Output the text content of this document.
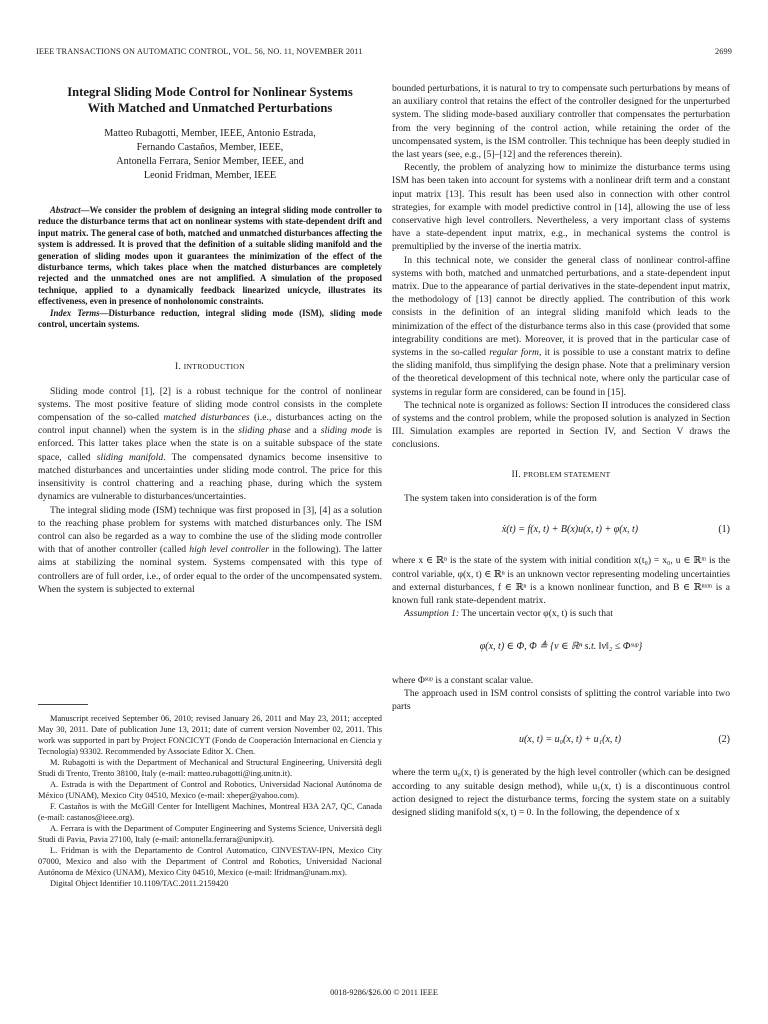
IEEE TRANSACTIONS ON AUTOMATIC CONTROL, VOL. 56, NO. 11, NOVEMBER 2011	2699
Integral Sliding Mode Control for Nonlinear Systems
With Matched and Unmatched Perturbations
Matteo Rubagotti, Member, IEEE, Antonio Estrada,
Fernando Castaños, Member, IEEE,
Antonella Ferrara, Senior Member, IEEE, and
Leonid Fridman, Member, IEEE

Abstract—We consider the problem of designing an integral sliding mode controller to reduce the disturbance terms that act on nonlinear systems with state-dependent drift and input matrix. The general case of both, matched and unmatched disturbances affecting the system is addressed. It is proved that the definition of a suitable sliding manifold and the generation of sliding modes upon it guarantees the minimization of the effect of the disturbance terms, which takes place when the matched disturbances are completely rejected and the unmatched ones are not amplified. A simulation of the proposed technique, applied to a dynamically feedback linearized unicycle, illustrates its effectiveness, even in presence of nonholonomic constraints.

Index Terms—Disturbance reduction, integral sliding mode (ISM), sliding mode control, uncertain systems.

I. INTRODUCTION

Sliding mode control [1], [2] is a robust technique for the control of nonlinear systems. The most positive feature of sliding mode control consists in the complete compensation of the so-called matched disturbances (i.e., disturbances acting on the control input channel) when the system is in the sliding phase and a sliding mode is enforced. This latter takes place when the state is on a suitable subspace of the state space, called sliding manifold. The compensated dynamics become insensitive to matched disturbances and uncertainties under sliding mode control. The price for this insensitivity is control chattering and a reaching phase, during which the system dynamics are vulnerable to disturbances/uncertainties.

The integral sliding mode (ISM) technique was first proposed in [3], [4] as a solution to the reaching phase problem for systems with matched disturbances only. The ISM control can also be regarded as a way to combine the use of the sliding mode controller with that of another controller (called high level controller in the following). The latter aims at stabilizing the nominal system. Systems compensated with this type of controllers are of full order, i.e., of order equal to the order of the uncompensated system. When the system is subjected to external

Manuscript received September 06, 2010; revised January 26, 2011 and May 23, 2011; accepted May 30, 2011. Date of publication June 13, 2011; date of current version November 02, 2011. This work was supported in part by Project FONCICYT (Fondo de Cooperación Internacional en Ciencia y Tecnología) 93302. Recommended by Associate Editor X. Chen.

M. Rubagotti is with the Department of Mechanical and Structural Engineering, Università degli Studi di Trento, Trento 38100, Italy (e-mail: matteo.rubagotti@ing.unitn.it).

A. Estrada is with the Department of Control and Robotics, Universidad Nacional Autónoma de México (UNAM), Mexico City 04510, Mexico (e-mail: xheper@yahoo.com).

F. Castaños is with the McGill Center for Intelligent Machines, Montreal H3A 2A7, QC, Canada (e-mail: castanos@ieee.org).

A. Ferrara is with the Department of Computer Engineering and Systems Science, Università degli Studi di Pavia, Pavia 27100, Italy (e-mail: antonella.ferrara@unipv.it).

L. Fridman is with the Departamento de Control Automatico, CINVESTAV-IPN, Mexico City 07000, Mexico and also with the Department of Control and Robotics, Universidad Nacional Autónoma de México (UNAM), Mexico City 04510, Mexico (e-mail: lfridman@unam.mx).

Digital Object Identifier 10.1109/TAC.2011.2159420

bounded perturbations, it is natural to try to compensate such perturbations by means of an auxiliary control that retains the effect of the controller designed for the unperturbed system. The sliding mode-based auxiliary controller that compensates the perturbation from the very beginning of the control action, while retaining the order of the uncompensated system, is the ISM controller. This technique has been deeply studied in the last years (see, e.g., [5]–[12] and the references therein).

Recently, the problem of analyzing how to minimize the disturbance terms using ISM has been taken into account for systems with a nonlinear drift term and a constant input matrix [13]. This result has been used also in connection with other control strategies, for example with model predictive control in [14], allowing the use of less conservative high level controllers. Nevertheless, a very important class of systems have a state-dependent input matrix, e.g., in mechanical systems the control is premultiplied by the inverse of the inertia matrix.

In this technical note, we consider the general class of nonlinear control-affine systems with both, matched and unmatched perturbations, and a state-dependent input matrix. Due to the appearance of partial derivatives in the state-dependent input matrix, the methodology of [13] cannot be directly applied. The contribution of this work consists in the definition of an integral sliding manifold which leads to the minimization of the effect of the disturbance terms also in this case (provided that some integrability conditions are met). Moreover, it is proved that in the particular case of systems in the so-called regular form, it is possible to use a constant matrix to define the sliding manifold, thus simplifying the design phase. Note that a preliminary version of the theoretical development of this technical note, where only the particular case of systems in regular form are considered, can be found in [15].

The technical note is organized as follows: Section II introduces the considered class of systems and the control problem, while the proposed solution is analyzed in Section III. Simulation examples are reported in Section IV, and Section V draws the conclusions.

II. PROBLEM STATEMENT

The system taken into consideration is of the form

ẋ(t) = f(x, t) + B(x)u(x, t) + φ(x, t)	(1)

where x ∈ ℝⁿ is the state of the system with initial condition x(t₀) = x₀, u ∈ ℝᵐ is the control variable, φ(x, t) ∈ ℝⁿ is an unknown vector representing modeling uncertainties and external disturbances, f ∈ ℝⁿ is a known nonlinear function, and B ∈ ℝⁿˣᵐ is a known full rank state-dependent matrix.

Assumption 1: The uncertain vector φ(x, t) is such that

φ(x, t) ∈ Φ, Φ ≜ {v ∈ ℝⁿ s.t. ‖v‖₂ ≤ Φˢᵘᵖ}

where Φˢᵘᵖ is a constant scalar value.

The approach used in ISM control consists of splitting the control variable into two parts

u(x, t) = u₀(x, t) + u₁(x, t)	(2)

where the term u₀(x, t) is generated by the high level controller (which can be designed according to any suitable design method), while u₁(x, t) is a discontinuous control action designed to reject the disturbance terms, forcing the system state on a suitably designed sliding manifold s(x, t) = 0. In the following, the dependence of x

0018-9286/$26.00 © 2011 IEEE
